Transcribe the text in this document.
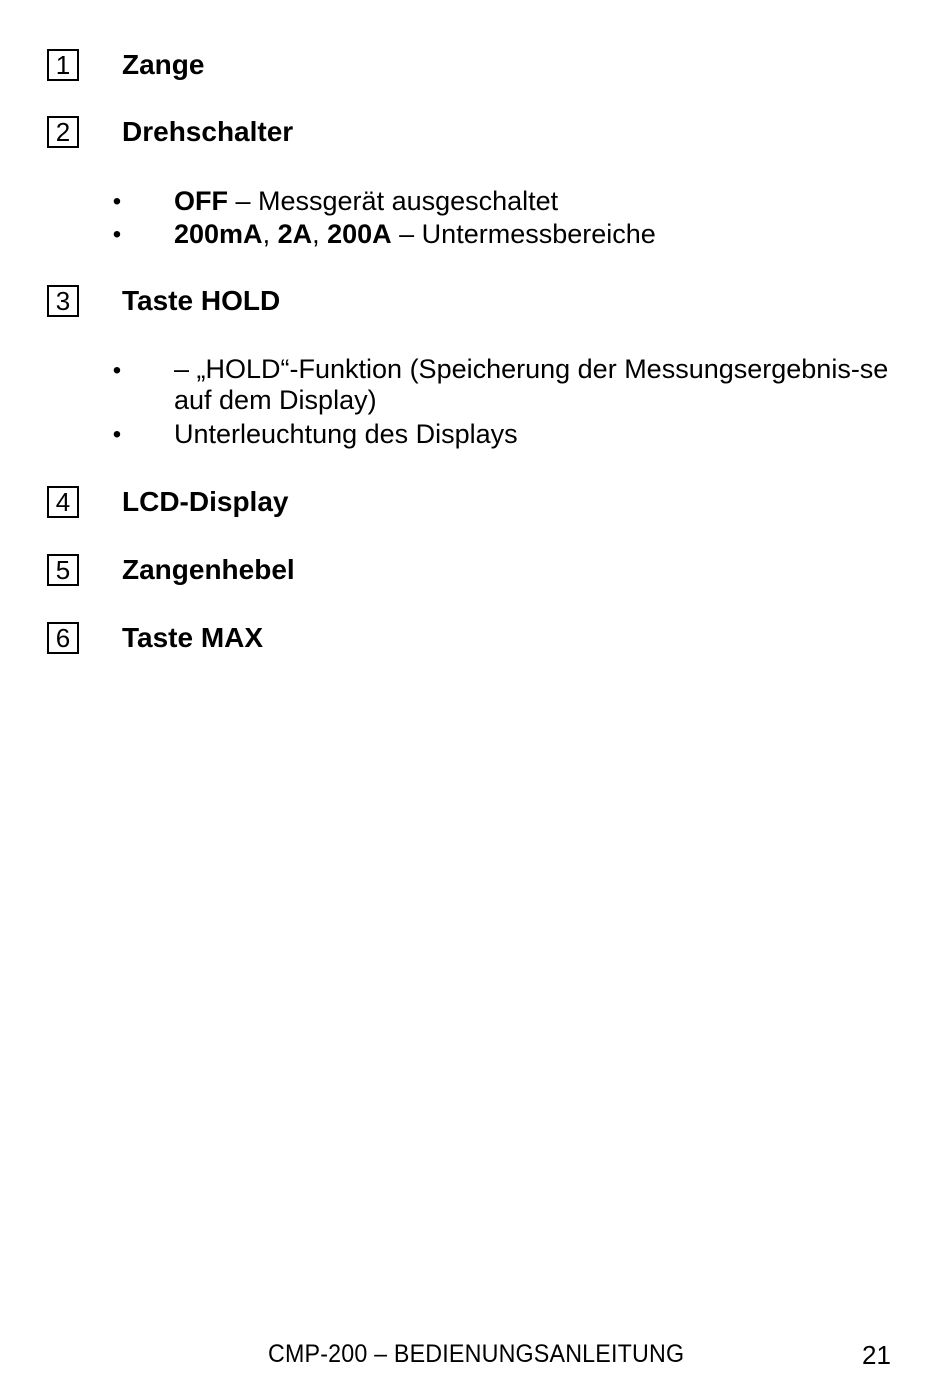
1	Zange
2	Drehschalter
• OFF – Messgerät ausgeschaltet
• 200mA, 2A, 200A – Untermessbereiche
3	Taste HOLD
• – „HOLD“-Funktion (Speicherung der Messungsergebnis-se auf dem Display)
• Unterleuchtung des Displays
4	LCD-Display
5	Zangenhebel
6	Taste MAX
CMP-200 – BEDIENUNGSANLEITUNG	21
